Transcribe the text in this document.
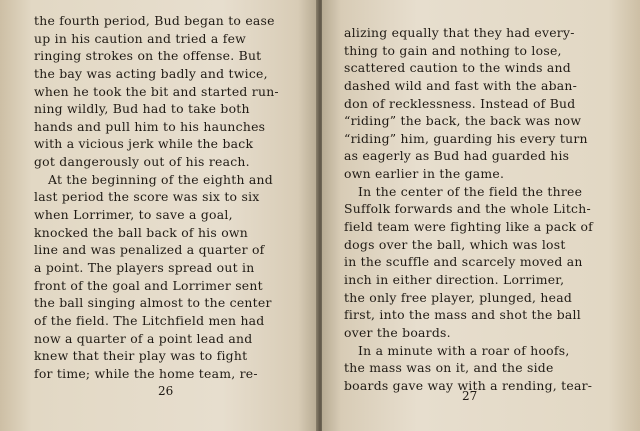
the fourth period, Bud began to ease
up in his caution and tried a few
ringing strokes on the offense. But
the bay was acting badly and twice,
when he took the bit and started run-
ning wildly, Bud had to take both
hands and pull him to his haunches
with a vicious jerk while the back
got dangerously out of his reach.
At the beginning of the eighth and
last period the score was six to six
when Lorrimer, to save a goal,
knocked the ball back of his own
line and was penalized a quarter of
a point. The players spread out in
front of the goal and Lorrimer sent
the ball singing almost to the center
of the field. The Litchfield men had
now a quarter of a point lead and
knew that their play was to fight
for time; while the home team, re-
26
alizing equally that they had every-
thing to gain and nothing to lose,
scattered caution to the winds and
dashed wild and fast with the aban-
don of recklessness. Instead of Bud
“riding” the back, the back was now
“riding” him, guarding his every turn
as eagerly as Bud had guarded his
own earlier in the game.
In the center of the field the three
Suffolk forwards and the whole Litch-
field team were fighting like a pack of
dogs over the ball, which was lost
in the scuffle and scarcely moved an
inch in either direction. Lorrimer,
the only free player, plunged, head
first, into the mass and shot the ball
over the boards.
In a minute with a roar of hoofs,
the mass was on it, and the side
boards gave way with a rending, tear-
27
